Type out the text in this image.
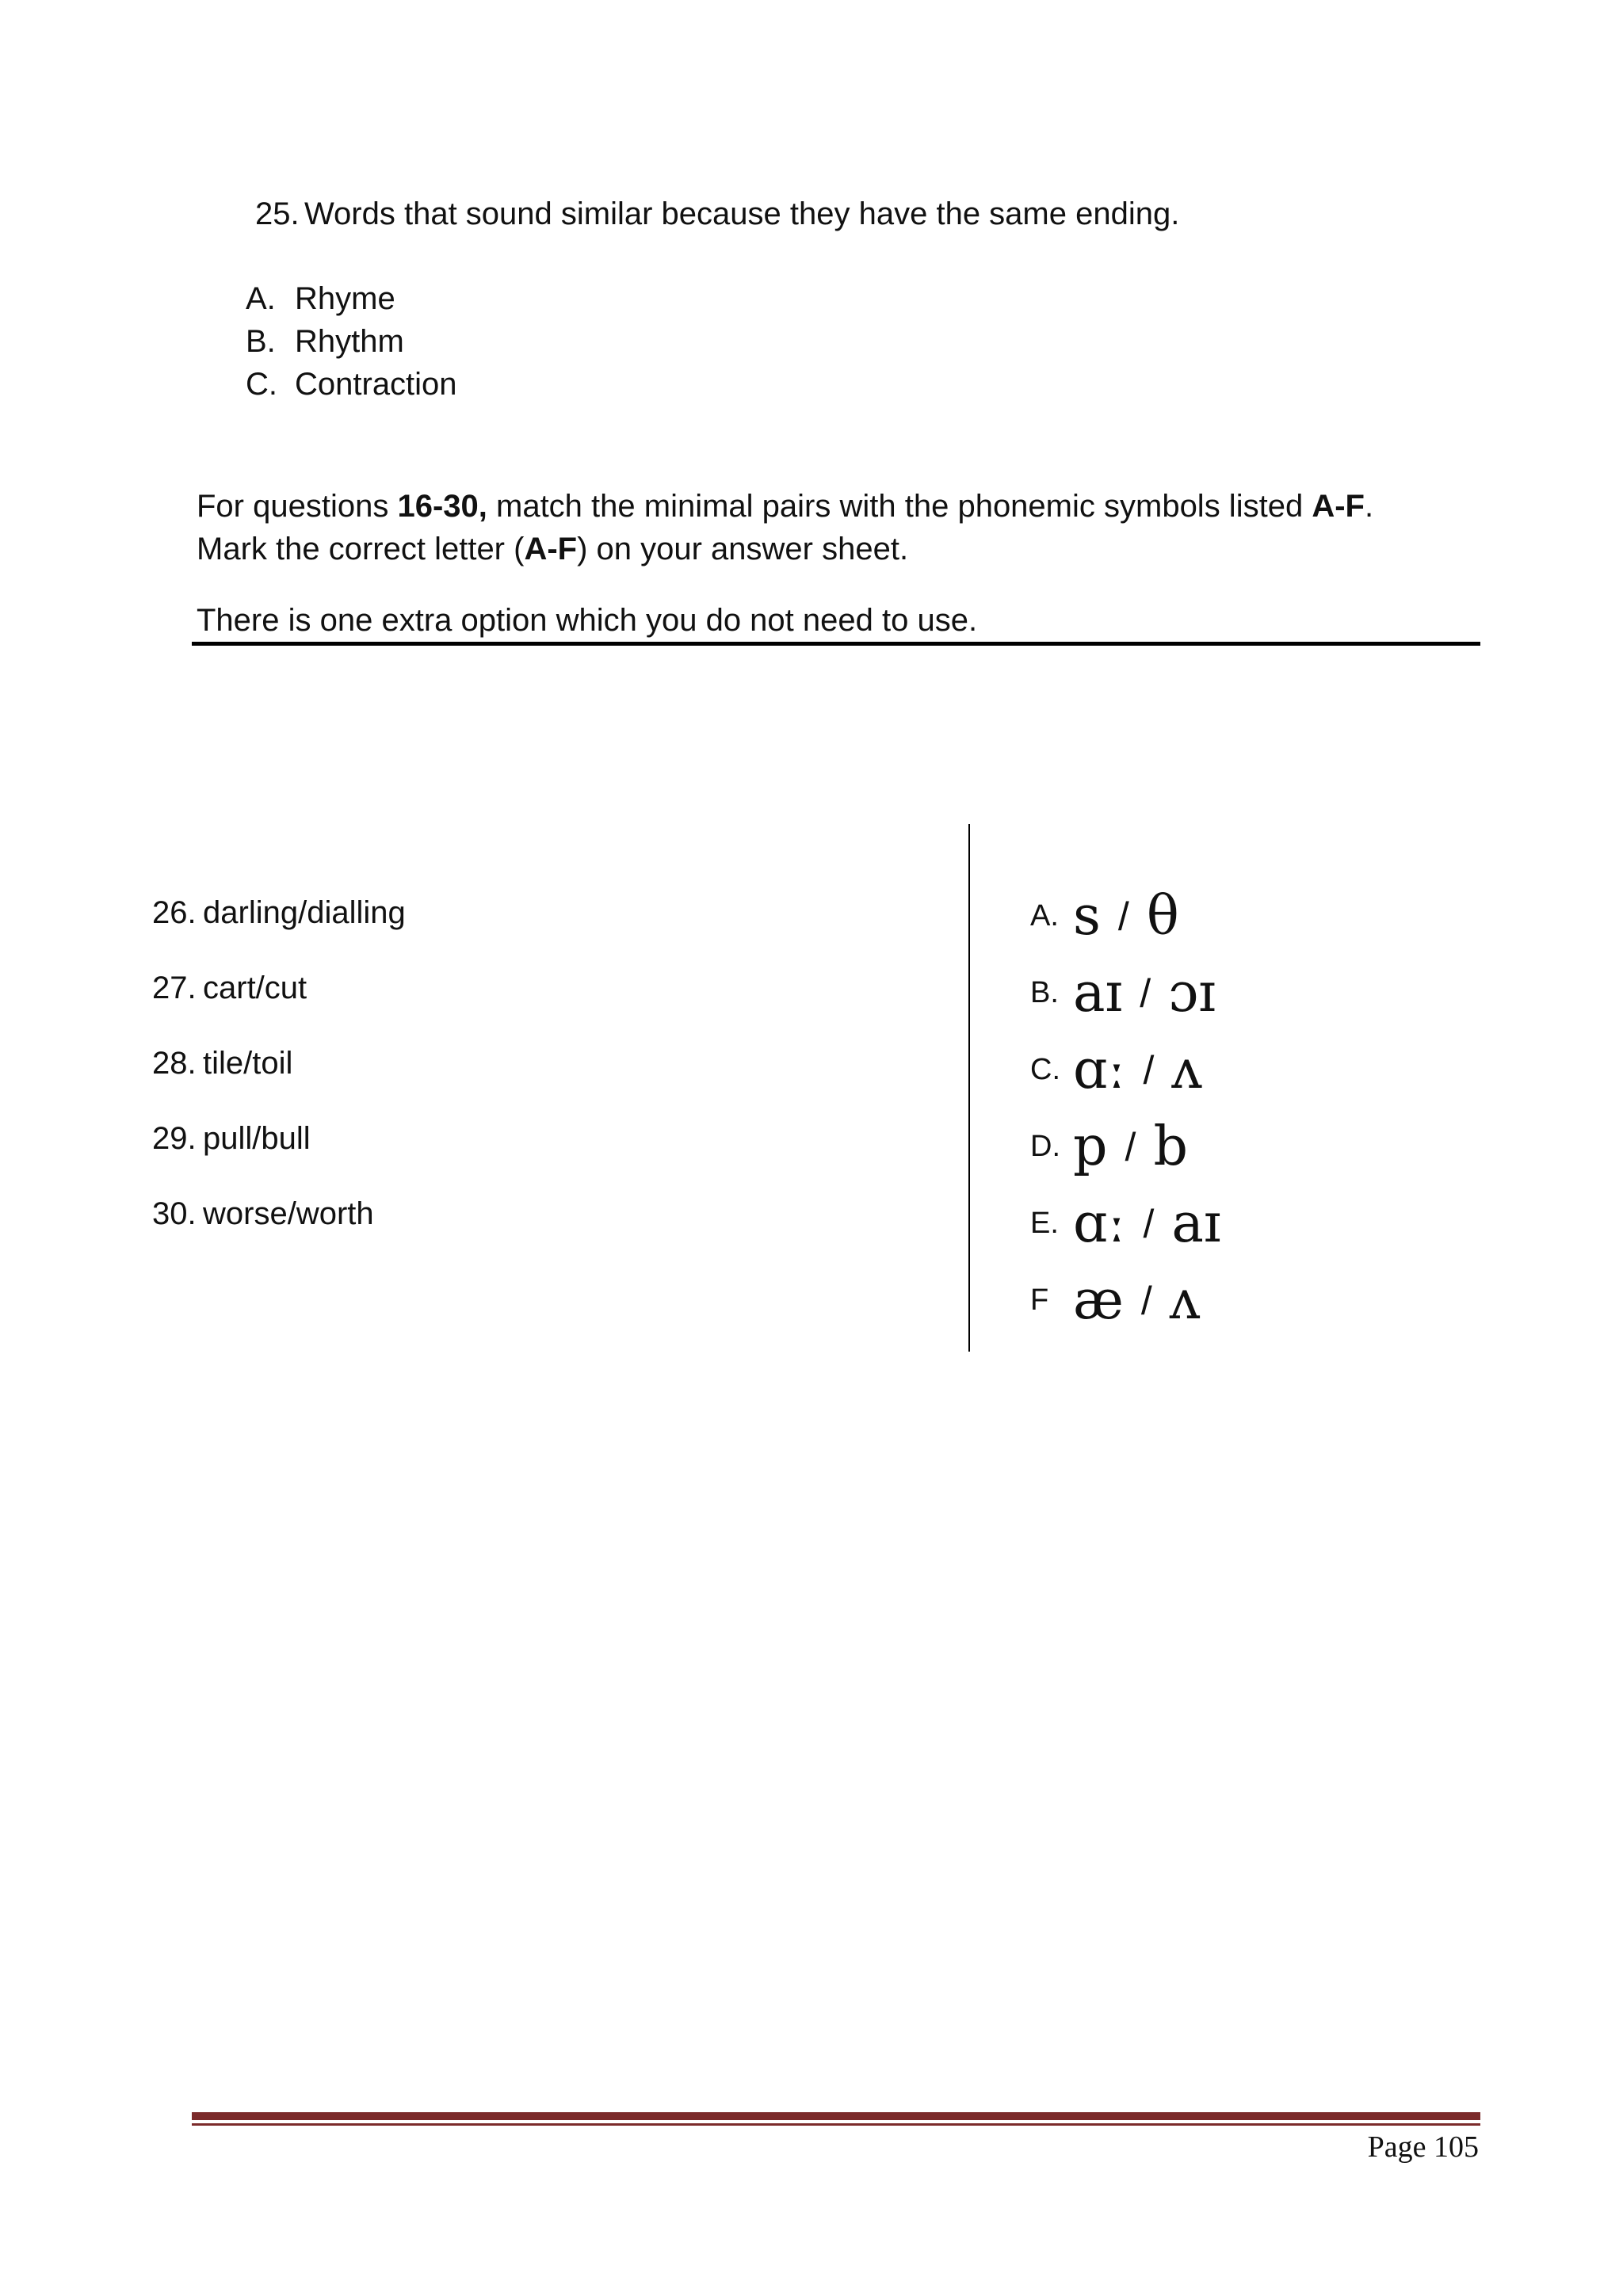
25. Words that sound similar because they have the same ending.
A. Rhyme
B. Rhythm
C. Contraction

For questions 16-30, match the minimal pairs with the phonemic symbols listed A-F.

Mark the correct letter (A-F) on your answer sheet.

There is one extra option which you do not need to use.

26. darling/dialling
27. cart/cut
28. tile/toil
29. pull/bull
30. worse/worth
A. s / θ
B. aɪ / ɔɪ
C. ɑː / ʌ
D. p / b
E. ɑː / aɪ
F æ / ʌ
Page 105
